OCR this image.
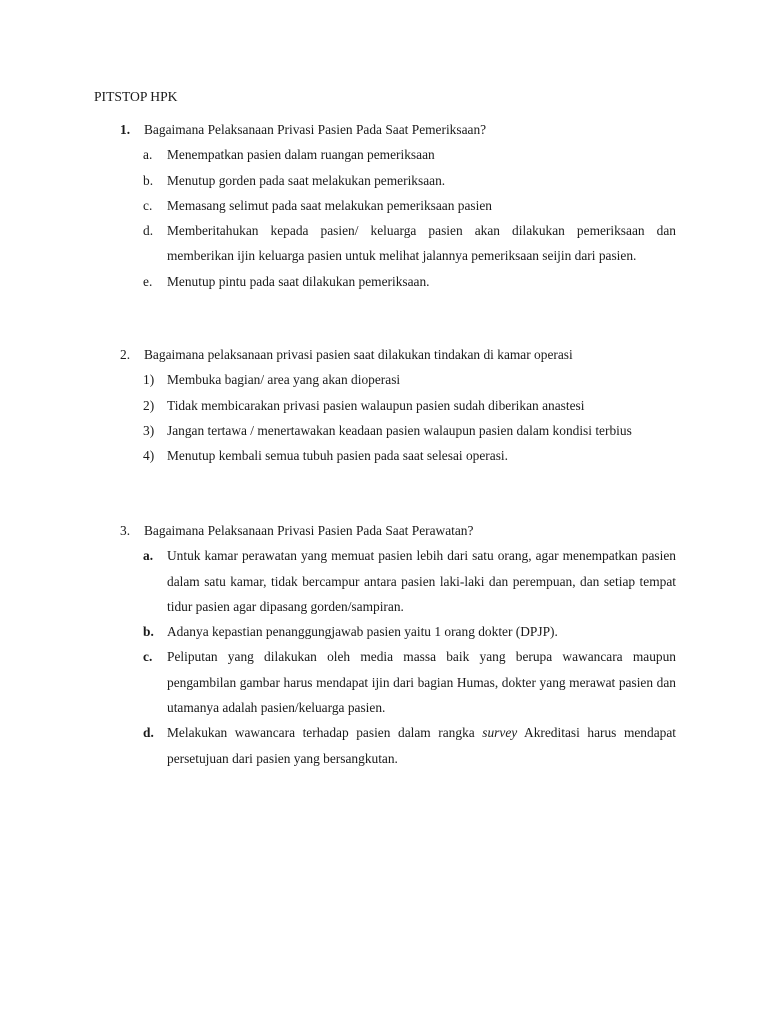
PITSTOP HPK
1. Bagaimana Pelaksanaan Privasi Pasien Pada Saat Pemeriksaan?
a. Menempatkan pasien dalam ruangan pemeriksaan
b. Menutup gorden pada saat melakukan pemeriksaan.
c. Memasang selimut pada saat melakukan pemeriksaan pasien
d. Memberitahukan kepada pasien/ keluarga pasien akan dilakukan pemeriksaan dan memberikan ijin keluarga pasien untuk melihat jalannya pemeriksaan seijin dari pasien.
e. Menutup pintu pada saat dilakukan pemeriksaan.
2. Bagaimana pelaksanaan privasi pasien saat dilakukan tindakan di kamar operasi
1) Membuka bagian/ area yang akan dioperasi
2) Tidak membicarakan privasi pasien walaupun pasien sudah diberikan anastesi
3) Jangan tertawa / menertawakan keadaan pasien walaupun pasien dalam kondisi terbius
4) Menutup kembali semua tubuh pasien pada saat selesai operasi.
3. Bagaimana Pelaksanaan Privasi Pasien Pada Saat Perawatan?
a. Untuk kamar perawatan yang memuat pasien lebih dari satu orang, agar menempatkan pasien dalam satu kamar, tidak bercampur antara pasien laki-laki dan perempuan, dan setiap tempat tidur pasien agar dipasang gorden/sampiran.
b. Adanya kepastian penanggungjawab pasien yaitu 1 orang dokter (DPJP).
c. Peliputan yang dilakukan oleh media massa baik yang berupa wawancara maupun pengambilan gambar harus mendapat ijin dari bagian Humas, dokter yang merawat pasien dan utamanya adalah pasien/keluarga pasien.
d. Melakukan wawancara terhadap pasien dalam rangka survey Akreditasi harus mendapat persetujuan dari pasien yang bersangkutan.
